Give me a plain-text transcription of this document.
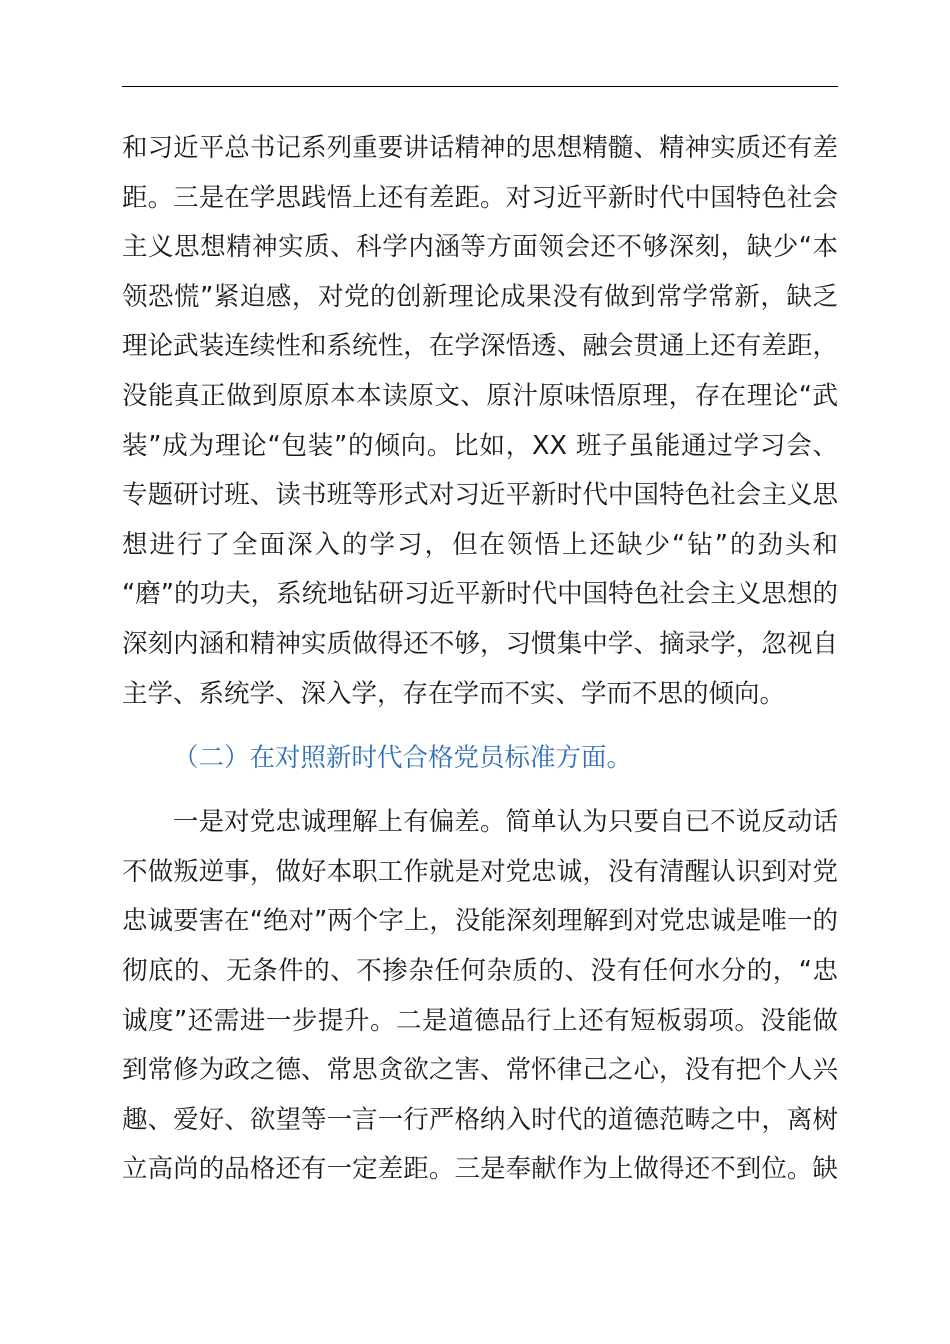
和习近平总书记系列重要讲话精神的思想精髓、精神实质还有差
距。三是在学思践悟上还有差距。对习近平新时代中国特色社会
主义思想精神实质、科学内涵等方面领会还不够深刻，缺少“本
领恐慌”紧迫感，对党的创新理论成果没有做到常学常新，缺乏
理论武装连续性和系统性，在学深悟透、融会贯通上还有差距，
没能真正做到原原本本读原文、原汁原味悟原理，存在理论“武
装”成为理论“包装”的倾向。比如，XX 班子虽能通过学习会、
专题研讨班、读书班等形式对习近平新时代中国特色社会主义思
想进行了全面深入的学习，但在领悟上还缺少“钻”的劲头和
“磨”的功夫，系统地钻研习近平新时代中国特色社会主义思想的
深刻内涵和精神实质做得还不够，习惯集中学、摘录学，忽视自
主学、系统学、深入学，存在学而不实、学而不思的倾向。
（二）在对照新时代合格党员标准方面。
一是对党忠诚理解上有偏差。简单认为只要自已不说反动话
不做叛逆事，做好本职工作就是对党忠诚，没有清醒认识到对党
忠诚要害在“绝对”两个字上，没能深刻理解到对党忠诚是唯一的
彻底的、无条件的、不掺杂任何杂质的、没有任何水分的，“忠
诚度”还需进一步提升。二是道德品行上还有短板弱项。没能做
到常修为政之德、常思贪欲之害、常怀律己之心，没有把个人兴
趣、爱好、欲望等一言一行严格纳入时代的道德范畴之中，离树
立高尚的品格还有一定差距。三是奉献作为上做得还不到位。缺
